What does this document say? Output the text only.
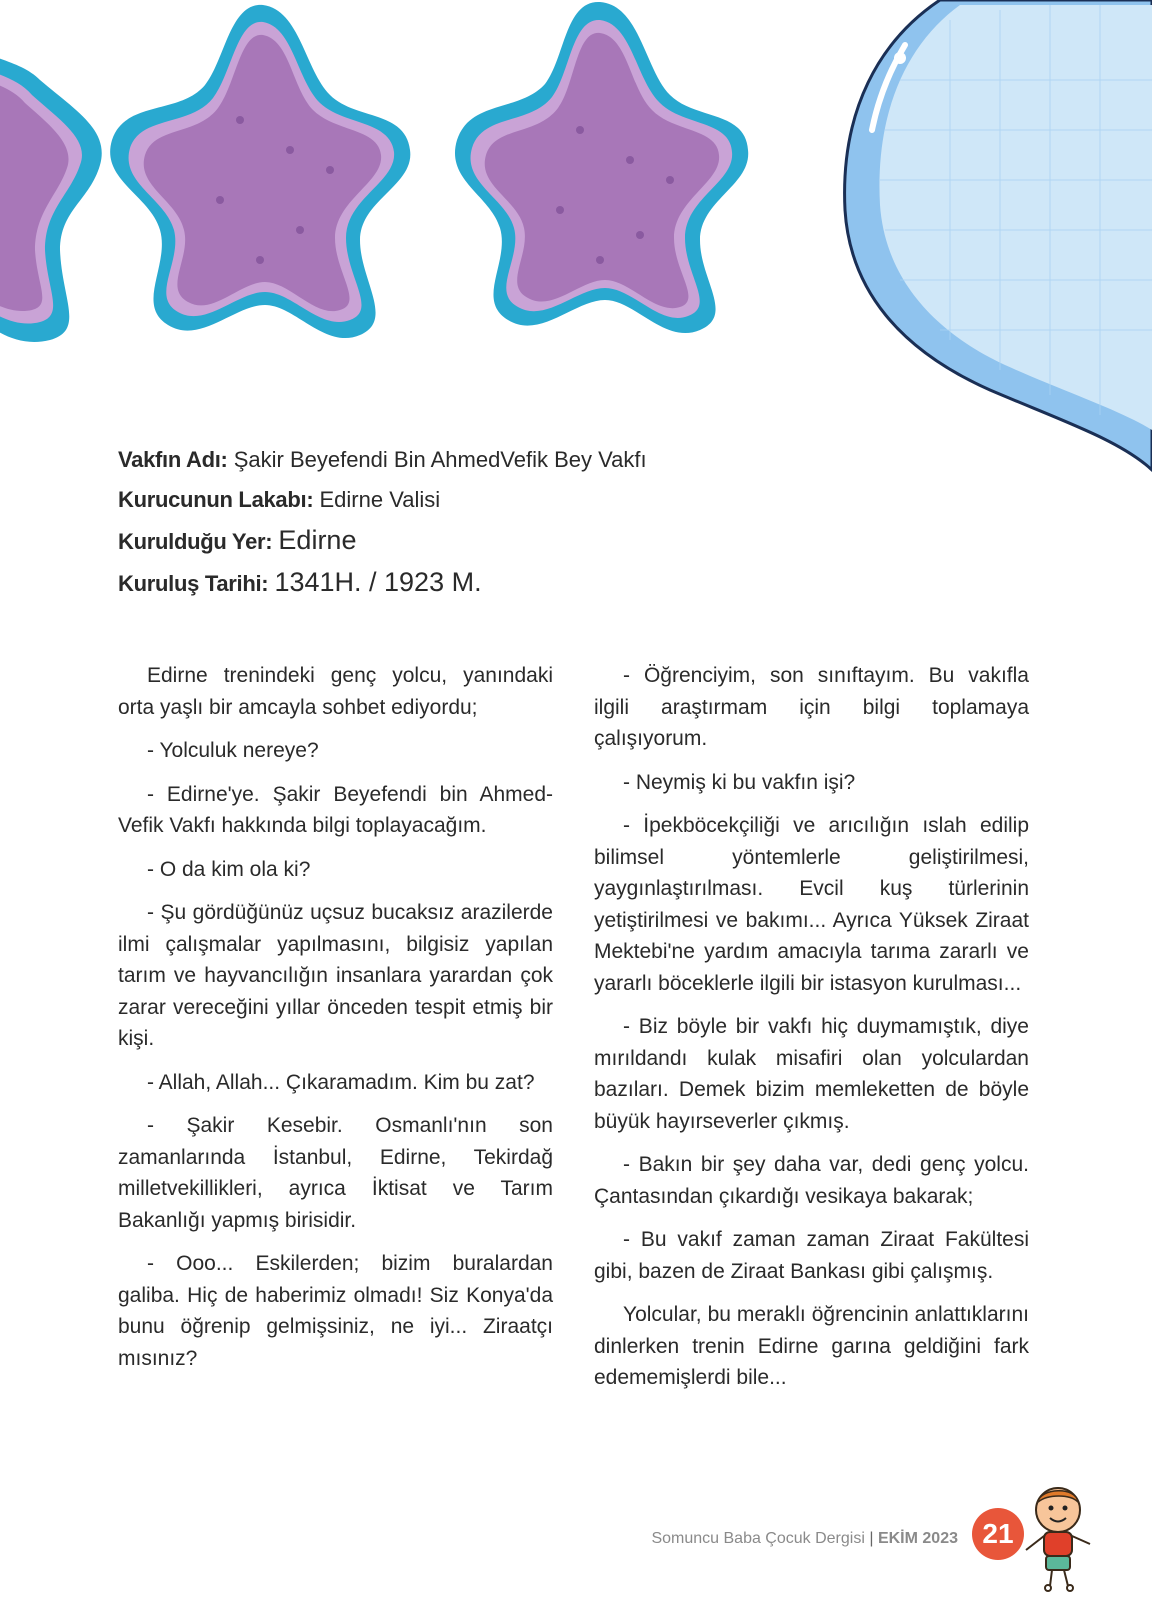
Vakfın Adı: Şakir Beyefendi Bin AhmedVefik Bey Vakfı
Kurucunun Lakabı: Edirne Valisi
Kurulduğu Yer: Edirne
Kuruluş Tarihi: 1341H. / 1923 M.

Edirne trenindeki genç yolcu, yanındaki orta yaşlı bir amcayla sohbet ediyordu;

- Yolculuk nereye?

- Edirne'ye. Şakir Beyefendi bin Ahmed-Vefik Vakfı hakkında bilgi toplayacağım.

- O da kim ola ki?

- Şu gördüğünüz uçsuz bucaksız arazilerde ilmi çalışmalar yapılmasını, bilgisiz yapılan tarım ve hayvancılığın insanlara yarardan çok zarar vereceğini yıllar önceden tespit etmiş bir kişi.

- Allah, Allah... Çıkaramadım. Kim bu zat?

- Şakir Kesebir. Osmanlı'nın son zamanlarında İstanbul, Edirne, Tekirdağ milletvekillikleri, ayrıca İktisat ve Tarım Bakanlığı yapmış birisidir.

- Ooo... Eskilerden; bizim buralardan galiba. Hiç de haberimiz olmadı! Siz Konya'da bunu öğrenip gelmişsiniz, ne iyi... Ziraatçı mısınız?

- Öğrenciyim, son sınıftayım. Bu vakıfla ilgili araştırmam için bilgi toplamaya çalışıyorum.

- Neymiş ki bu vakfın işi?

- İpekböcekçiliği ve arıcılığın ıslah edilip bilimsel yöntemlerle geliştirilmesi, yaygınlaştırılması. Evcil kuş türlerinin yetiştirilmesi ve bakımı... Ayrıca Yüksek Ziraat Mektebi'ne yardım amacıyla tarıma zararlı ve yararlı böceklerle ilgili bir istasyon kurulması...

- Biz böyle bir vakfı hiç duymamıştık, diye mırıldandı kulak misafiri olan yolculardan bazıları. Demek bizim memleketten de böyle büyük hayırseverler çıkmış.

- Bakın bir şey daha var, dedi genç yolcu. Çantasından çıkardığı vesikaya bakarak;

- Bu vakıf zaman zaman Ziraat Fakültesi gibi, bazen de Ziraat Bankası gibi çalışmış.

Yolcular, bu meraklı öğrencinin anlattıklarını dinlerken trenin Edirne garına geldiğini fark edememişlerdi bile...

Somuncu Baba Çocuk Dergisi | EKİM 2023 21
